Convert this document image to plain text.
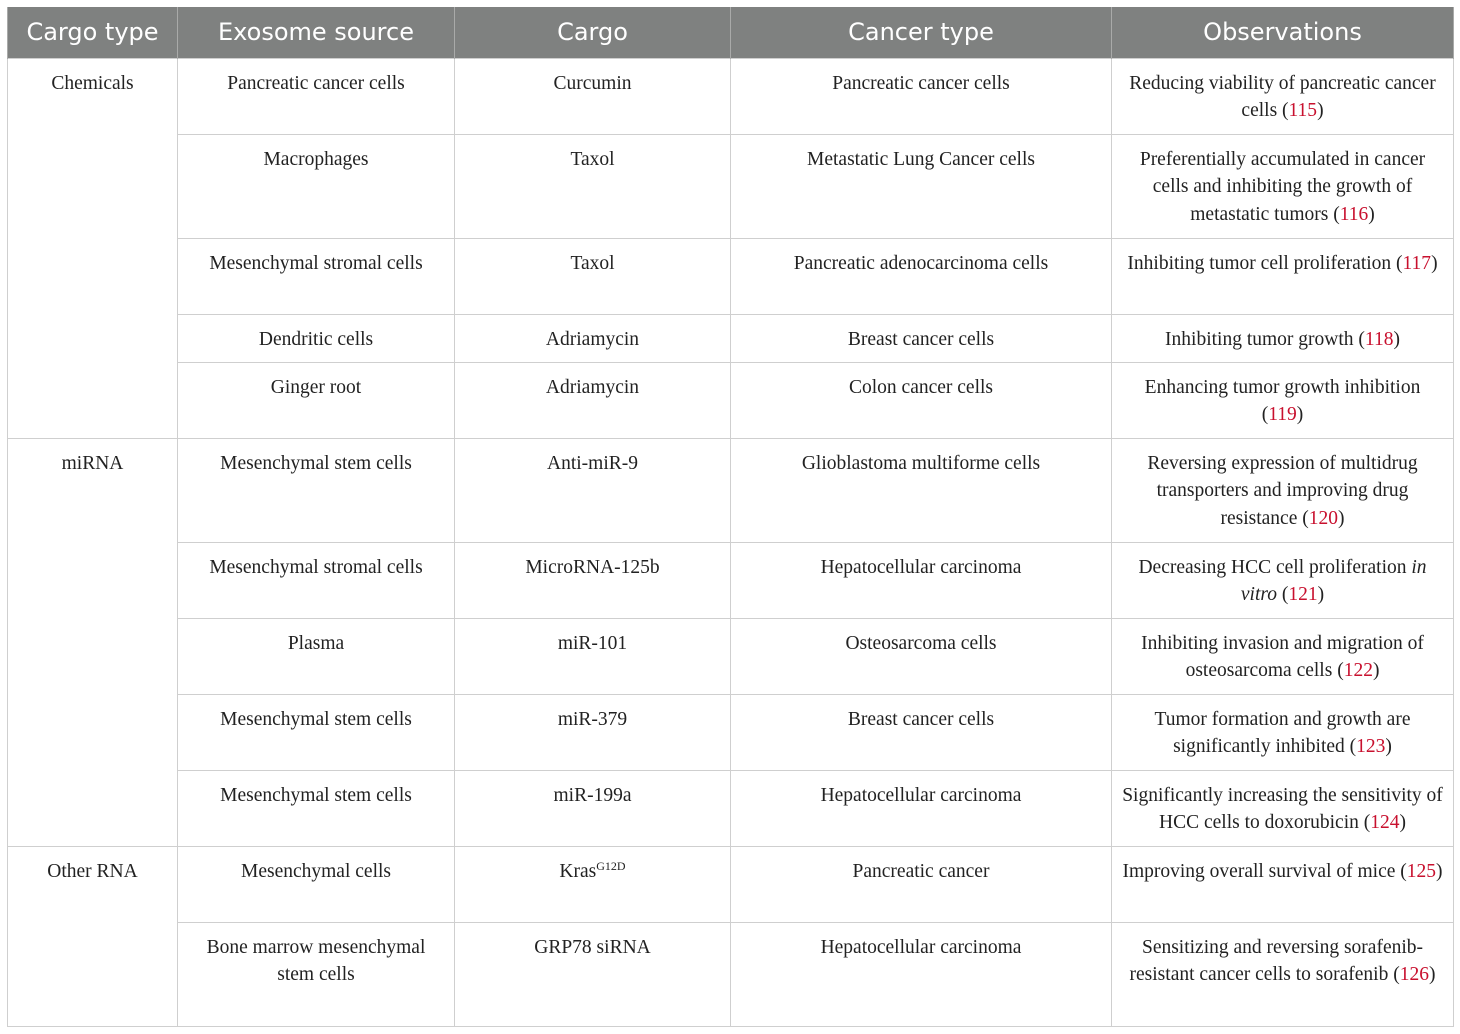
Cargo type	Exosome source	Cargo	Cancer type	Observations
Chemicals	Pancreatic cancer cells	Curcumin	Pancreatic cancer cells	Reducing viability of pancreatic cancer cells (115)
	Macrophages	Taxol	Metastatic Lung Cancer cells	Preferentially accumulated in cancer cells and inhibiting the growth of metastatic tumors (116)
	Mesenchymal stromal cells	Taxol	Pancreatic adenocarcinoma cells	Inhibiting tumor cell proliferation (117)
	Dendritic cells	Adriamycin	Breast cancer cells	Inhibiting tumor growth (118)
	Ginger root	Adriamycin	Colon cancer cells	Enhancing tumor growth inhibition (119)
miRNA	Mesenchymal stem cells	Anti-miR-9	Glioblastoma multiforme cells	Reversing expression of multidrug transporters and improving drug resistance (120)
	Mesenchymal stromal cells	MicroRNA-125b	Hepatocellular carcinoma	Decreasing HCC cell proliferation in vitro (121)
	Plasma	miR-101	Osteosarcoma cells	Inhibiting invasion and migration of osteosarcoma cells (122)
	Mesenchymal stem cells	miR-379	Breast cancer cells	Tumor formation and growth are significantly inhibited (123)
	Mesenchymal stem cells	miR-199a	Hepatocellular carcinoma	Significantly increasing the sensitivity of HCC cells to doxorubicin (124)
Other RNA	Mesenchymal cells	Kras$^{G12D}$	Pancreatic cancer	Improving overall survival of mice (125)
	Bone marrow mesenchymal stem cells	GRP78 siRNA	Hepatocellular carcinoma	Sensitizing and reversing sorafenib-resistant cancer cells to sorafenib (126)
